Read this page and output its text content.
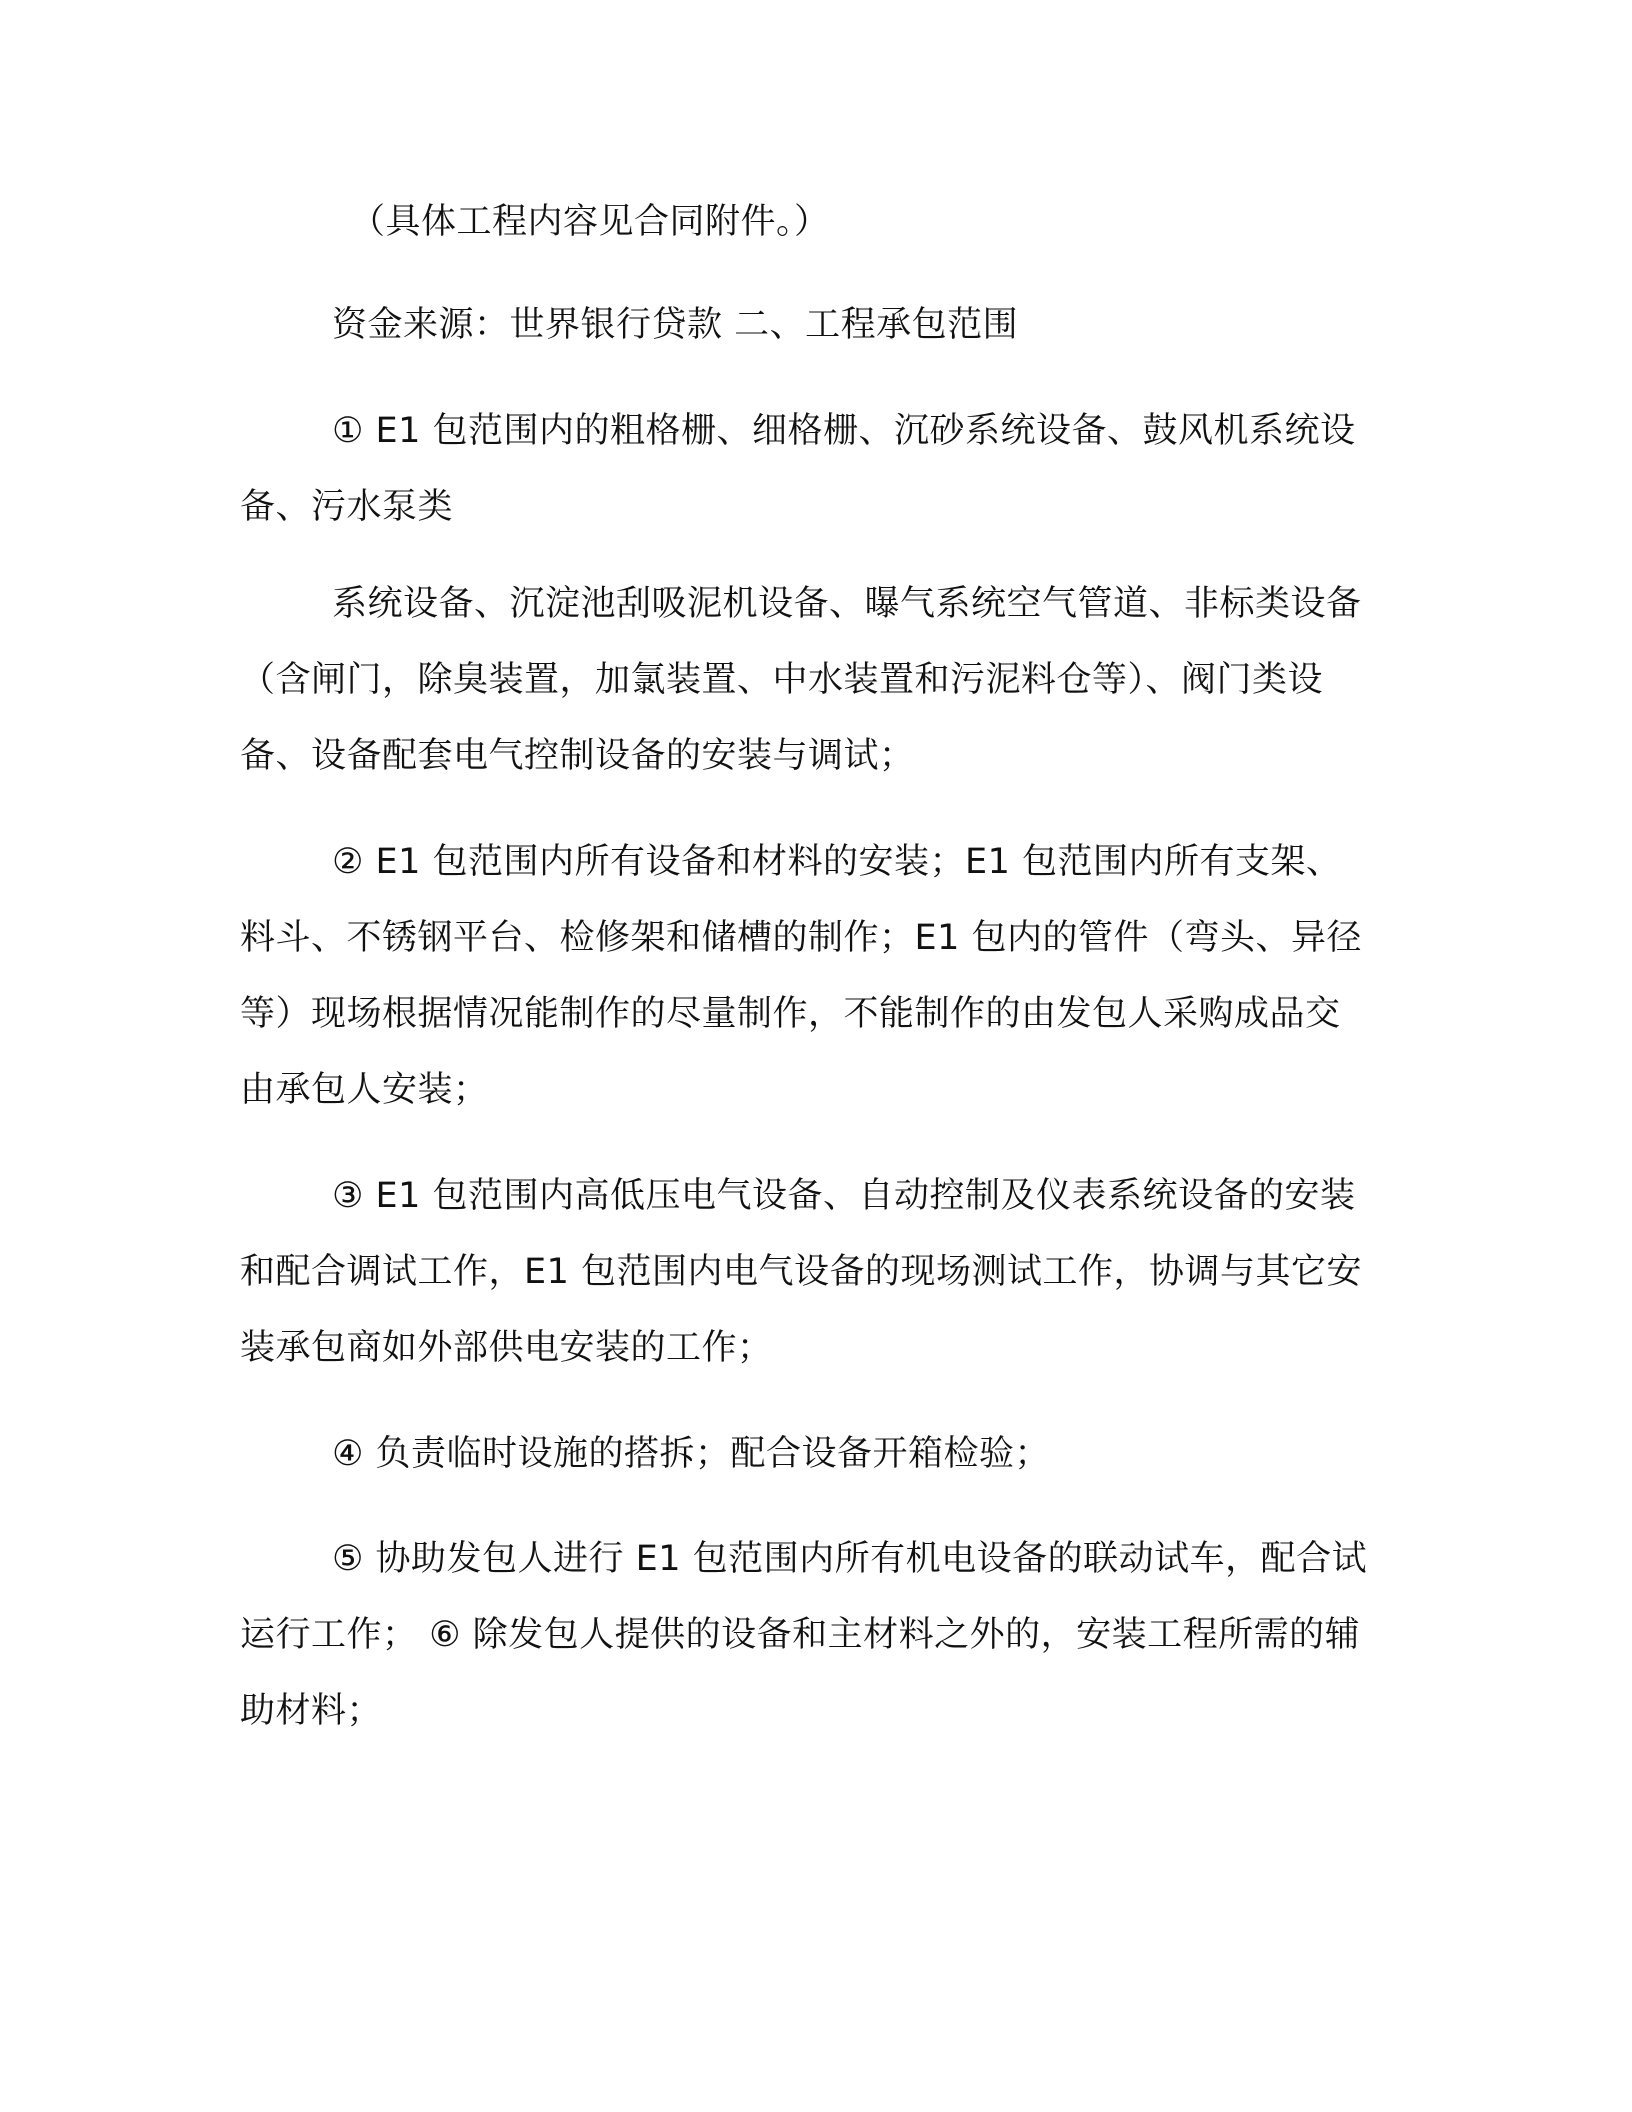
（具体工程内容见合同附件。）

资金来源：世界银行贷款 二、工程承包范围

① E1 包范围内的粗格栅、细格栅、沉砂系统设备、鼓风机系统设备、污水泵类

系统设备、沉淀池刮吸泥机设备、曝气系统空气管道、非标类设备（含闸门，除臭装置，加氯装置、中水装置和污泥料仓等）、阀门类设备、设备配套电气控制设备的安装与调试；

② E1 包范围内所有设备和材料的安装；E1 包范围内所有支架、料斗、不锈钢平台、检修架和储槽的制作；E1 包内的管件（弯头、异径等）现场根据情况能制作的尽量制作，不能制作的由发包人采购成品交由承包人安装；

③ E1 包范围内高低压电气设备、自动控制及仪表系统设备的安装和配合调试工作，E1 包范围内电气设备的现场测试工作，协调与其它安装承包商如外部供电安装的工作；

④ 负责临时设施的搭拆；配合设备开箱检验；

⑤ 协助发包人进行 E1 包范围内所有机电设备的联动试车，配合试运行工作； ⑥ 除发包人提供的设备和主材料之外的，安装工程所需的辅助材料；
